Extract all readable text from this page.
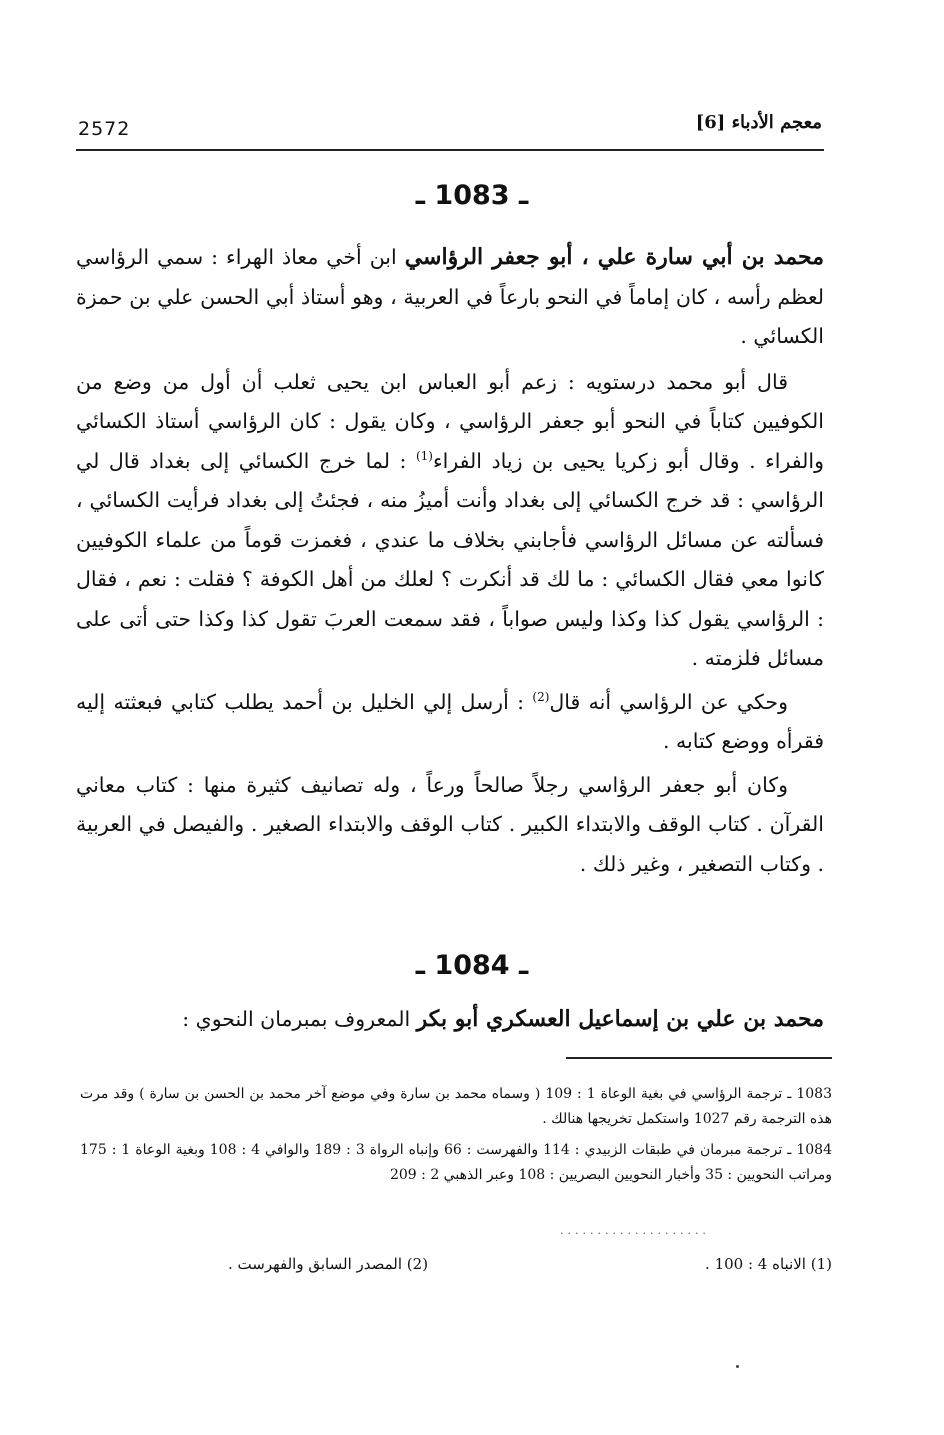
2572	معجم الأدباء [6]
ـ 1083 ـ

محمد بن أبي سارة علي ، أبو جعفر الرؤاسي ابن أخي معاذ الهراء : سمي الرؤاسي لعظم رأسه ، كان إماماً في النحو بارعاً في العربية ، وهو أستاذ أبي الحسن علي بن حمزة الكسائي .

قال أبو محمد درستويه : زعم أبو العباس ابن يحيى ثعلب أن أول من وضع من الكوفيين كتاباً في النحو أبو جعفر الرؤاسي ، وكان يقول : كان الرؤاسي أستاذ الكسائي والفراء . وقال أبو زكريا يحيى بن زياد الفراء$^{(1)}$ : لما خرج الكسائي إلى بغداد قال لي الرؤاسي : قد خرج الكسائي إلى بغداد وأنت أميزُ منه ، فجئتُ إلى بغداد فرأيت الكسائي ، فسألته عن مسائل الرؤاسي فأجابني بخلاف ما عندي ، فغمزت قوماً من علماء الكوفيين كانوا معي فقال الكسائي : ما لك قد أنكرت ؟ لعلك من أهل الكوفة ؟ فقلت : نعم ، فقال : الرؤاسي يقول كذا وكذا وليس صواباً ، فقد سمعت العربَ تقول كذا وكذا حتى أتى على مسائل فلزمته .

وحكي عن الرؤاسي أنه قال$^{(2)}$ : أرسل إلي الخليل بن أحمد يطلب كتابي فبعثته إليه فقرأه ووضع كتابه .

وكان أبو جعفر الرؤاسي رجلاً صالحاً ورعاً ، وله تصانيف كثيرة منها : كتاب معاني القرآن . كتاب الوقف والابتداء الكبير . كتاب الوقف والابتداء الصغير . والفيصل في العربية . وكتاب التصغير ، وغير ذلك .

ـ 1084 ـ

محمد بن علي بن إسماعيل العسكري أبو بكر المعروف بمبرمان النحوي :

1083 ـ ترجمة الرؤاسي في بغية الوعاة 1 : 109 ( وسماه محمد بن سارة وفي موضع آخر محمد بن الحسن بن سارة ) وقد مرت هذه الترجمة رقم 1027 واستكمل تخريجها هنالك .

1084 ـ ترجمة مبرمان في طبقات الزبيدي : 114 والفهرست : 66 وإنباه الرواة 3 : 189 والوافي 4 : 108 وبغية الوعاة 1 : 175 ومراتب النحويين : 35 وأخبار النحويين البصريين : 108 وعبر الذهبي 2 : 209

....................
(1) الانباه 4 : 100 .
(2) المصدر السابق والفهرست .
